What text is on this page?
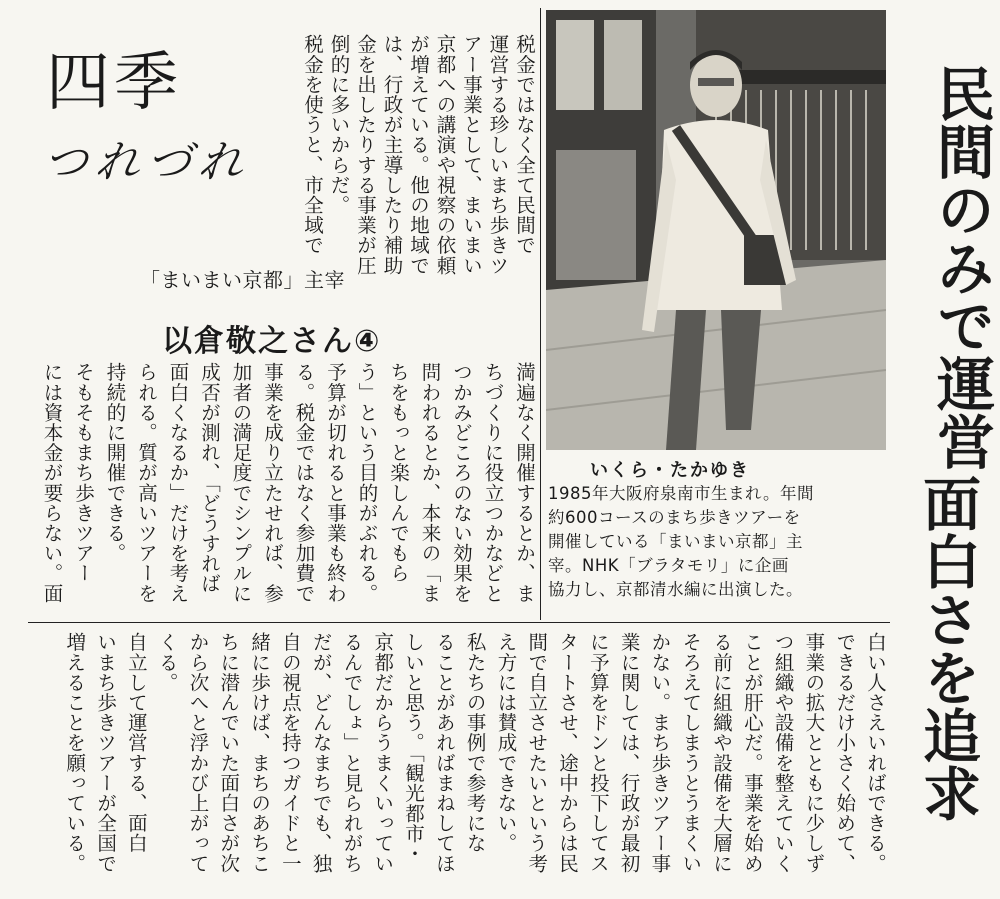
四季
つれづれ
「まいまい京都」主宰
以倉敬之さん④
税金ではなく全て民間で
運営する珍しいまち歩きツ
アー事業として、まいまい
京都への講演や視察の依頼
が増えている。他の地域で
は、行政が主導したり補助
金を出したりする事業が圧
倒的に多いからだ。
税金を使うと、市全域で
満遍なく開催するとか、ま
ちづくりに役立つかなどと
つかみどころのない効果を
問われるとか、本来の「ま
ちをもっと楽しんでもら
う」という目的がぶれる。
予算が切れると事業も終わ
る。税金ではなく参加費で
事業を成り立たせれば、参
加者の満足度でシンプルに
成否が測れ、「どうすれば
面白くなるか」だけを考え
られる。質が高いツアーを
持続的に開催できる。
そもそもまち歩きツアー
には資本金が要らない。面
白い人さえいればできる。
できるだけ小さく始めて、
事業の拡大とともに少しず
つ組織や設備を整えていく
ことが肝心だ。事業を始め
る前に組織や設備を大層に
そろえてしまうとうまくい
かない。まち歩きツアー事
業に関しては、行政が最初
に予算をドンと投下してス
タートさせ、途中からは民
間で自立させたいという考
え方には賛成できない。
私たちの事例で参考にな
ることがあればまねしてほ
しいと思う。「観光都市・
京都だからうまくいってい
るんでしょ」と見られがち
だが、どんなまちでも、独
自の視点を持つガイドと一
緒に歩けば、まちのあちこ
ちに潜んでいた面白さが次
から次へと浮かび上がって
くる。
自立して運営する、面白
いまち歩きツアーが全国で
増えることを願っている。
いくら・たかゆき
1985年大阪府泉南市生まれ。年間
約600コースのまち歩きツアーを
開催している「まいまい京都」主
宰。NHK「ブラタモリ」に企画
協力し、京都清水編に出演した。
民間のみで運営
面白さを追求
